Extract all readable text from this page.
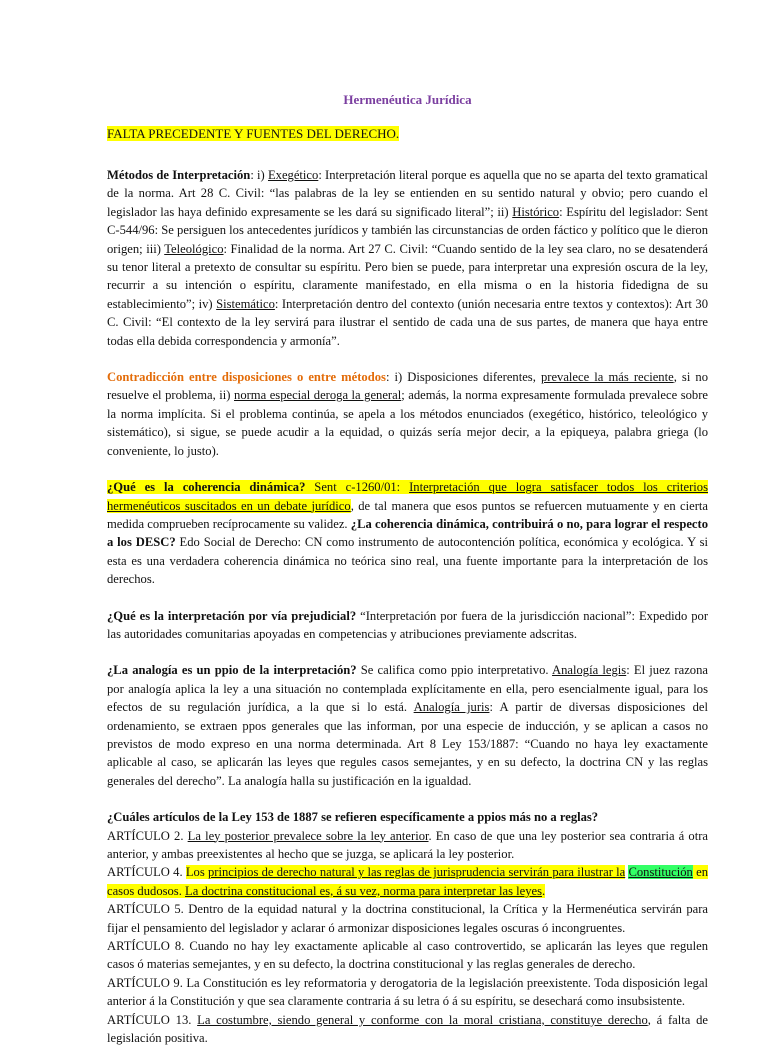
Hermenéutica Jurídica
FALTA PRECEDENTE Y FUENTES DEL DERECHO.

Métodos de Interpretación: i) Exegético: Interpretación literal porque es aquella que no se aparta del texto gramatical de la norma. Art 28 C. Civil: “las palabras de la ley se entienden en su sentido natural y obvio; pero cuando el legislador las haya definido expresamente se les dará su significado literal”; ii) Histórico: Espíritu del legislador: Sent C-544/96: Se persiguen los antecedentes jurídicos y también las circunstancias de orden fáctico y político que le dieron origen; iii) Teleológico: Finalidad de la norma. Art 27 C. Civil: “Cuando sentido de la ley sea claro, no se desatenderá su tenor literal a pretexto de consultar su espíritu. Pero bien se puede, para interpretar una expresión oscura de la ley, recurrir a su intención o espíritu, claramente manifestado, en ella misma o en la historia fidedigna de su establecimiento”; iv) Sistemático: Interpretación dentro del contexto (unión necesaria entre textos y contextos): Art 30 C. Civil: “El contexto de la ley servirá para ilustrar el sentido de cada una de sus partes, de manera que haya entre todas ella debida correspondencia y armonía”.

Contradicción entre disposiciones o entre métodos: i) Disposiciones diferentes, prevalece la más reciente, si no resuelve el problema, ii) norma especial deroga la general; además, la norma expresamente formulada prevalece sobre la norma implícita. Si el problema continúa, se apela a los métodos enunciados (exegético, histórico, teleológico y sistemático), si sigue, se puede acudir a la equidad, o quizás sería mejor decir, a la epiqueya, palabra griega (lo conveniente, lo justo).

¿Qué es la coherencia dinámica? Sent c-1260/01: Interpretación que logra satisfacer todos los criterios hermenéuticos suscitados en un debate jurídico, de tal manera que esos puntos se refuercen mutuamente y en cierta medida comprueben recíprocamente su validez. ¿La coherencia dinámica, contribuirá o no, para lograr el respecto a los DESC? Edo Social de Derecho: CN como instrumento de autocontención política, económica y ecológica. Y si esta es una verdadera coherencia dinámica no teórica sino real, una fuente importante para la interpretación de los derechos.

¿Qué es la interpretación por vía prejudicial? “Interpretación por fuera de la jurisdicción nacional”: Expedido por las autoridades comunitarias apoyadas en competencias y atribuciones previamente adscritas.

¿La analogía es un ppio de la interpretación? Se califica como ppio interpretativo. Analogía legis: El juez razona por analogía aplica la ley a una situación no contemplada explícitamente en ella, pero esencialmente igual, para los efectos de su regulación jurídica, a la que si lo está. Analogía juris: A partir de diversas disposiciones del ordenamiento, se extraen ppos generales que las informan, por una especie de inducción, y se aplican a casos no previstos de modo expreso en una norma determinada. Art 8 Ley 153/1887: “Cuando no haya ley exactamente aplicable al caso, se aplicarán las leyes que regules casos semejantes, y en su defecto, la doctrina CN y las reglas generales del derecho”. La analogía halla su justificación en la igualdad.

¿Cuáles artículos de la Ley 153 de 1887 se refieren específicamente a ppios más no a reglas?

ARTÍCULO 2. La ley posterior prevalece sobre la ley anterior. En caso de que una ley posterior sea contraria á otra anterior, y ambas preexistentes al hecho que se juzga, se aplicará la ley posterior.

ARTÍCULO 4. Los principios de derecho natural y las reglas de jurisprudencia servirán para ilustrar la Constitución en casos dudosos. La doctrina constitucional es, á su vez, norma para interpretar las leyes.

ARTÍCULO 5. Dentro de la equidad natural y la doctrina constitucional, la Crítica y la Hermenéutica servirán para fijar el pensamiento del legislador y aclarar ó armonizar disposiciones legales oscuras ó incongruentes.

ARTÍCULO 8. Cuando no hay ley exactamente aplicable al caso controvertido, se aplicarán las leyes que regulen casos ó materias semejantes, y en su defecto, la doctrina constitucional y las reglas generales de derecho.

ARTÍCULO 9. La Constitución es ley reformatoria y derogatoria de la legislación preexistente. Toda disposición legal anterior á la Constitución y que sea claramente contraria á su letra ó á su espíritu, se desechará como insubsistente.

ARTÍCULO 13. La costumbre, siendo general y conforme con la moral cristiana, constituye derecho, á falta de legislación positiva.
